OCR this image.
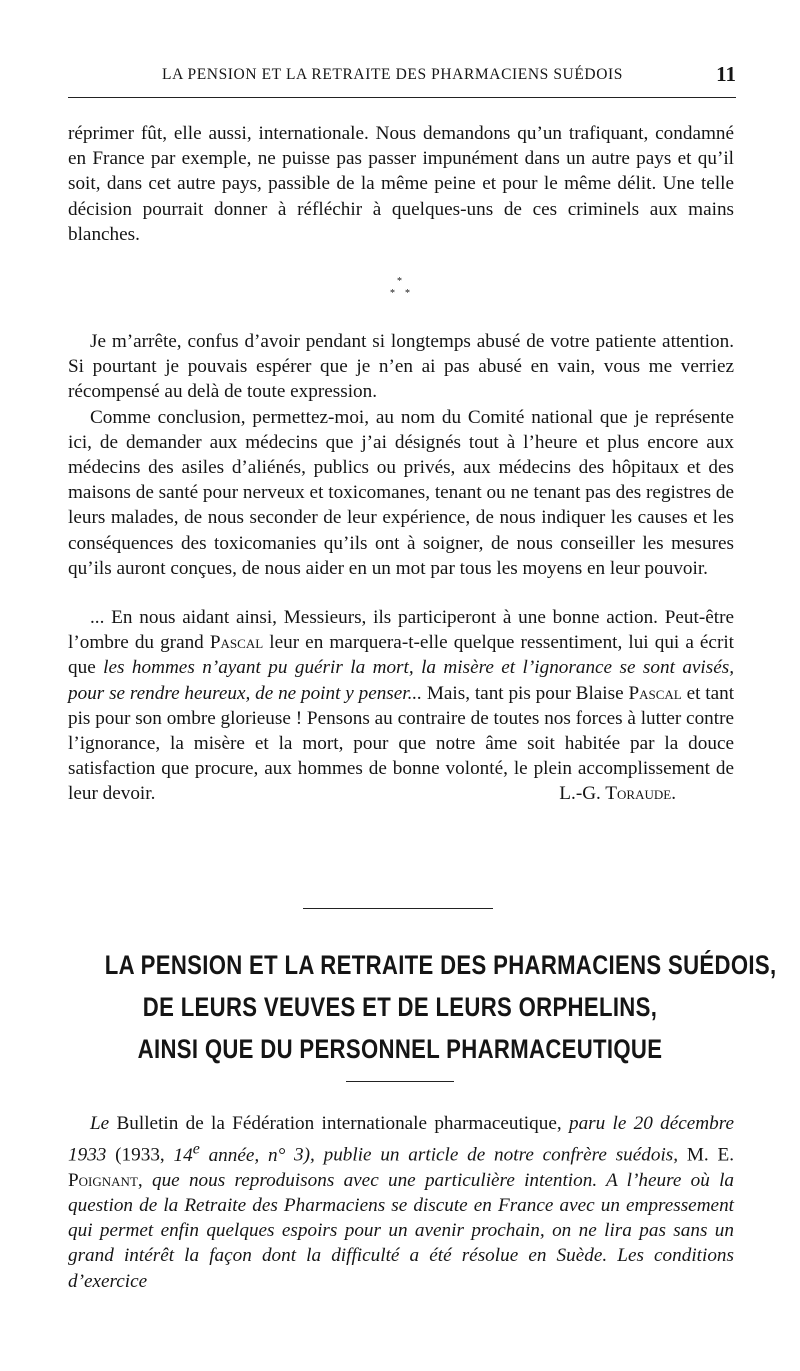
LA PENSION ET LA RETRAITE DES PHARMACIENS SUÉDOIS	11

réprimer fût, elle aussi, internationale. Nous demandons qu’un trafiquant, condamné en France par exemple, ne puisse pas passer impunément dans un autre pays et qu’il soit, dans cet autre pays, passible de la même peine et pour le même délit. Une telle décision pourrait donner à réfléchir à quelques-uns de ces criminels aux mains blanches.

*
* *

Je m’arrête, confus d’avoir pendant si longtemps abusé de votre patiente attention. Si pourtant je pouvais espérer que je n’en ai pas abusé en vain, vous me verriez récompensé au delà de toute expression.

Comme conclusion, permettez-moi, au nom du Comité national que je représente ici, de demander aux médecins que j’ai désignés tout à l’heure et plus encore aux médecins des asiles d’aliénés, publics ou privés, aux médecins des hôpitaux et des maisons de santé pour nerveux et toxicomanes, tenant ou ne tenant pas des registres de leurs malades, de nous seconder de leur expérience, de nous indiquer les causes et les conséquences des toxicomanies qu’ils ont à soigner, de nous conseiller les mesures qu’ils auront conçues, de nous aider en un mot par tous les moyens en leur pouvoir.

... En nous aidant ainsi, Messieurs, ils participeront à une bonne action. Peut-être l’ombre du grand Pascal leur en marquera-t-elle quelque ressentiment, lui qui a écrit que les hommes n’ayant pu guérir la mort, la misère et l’ignorance se sont avisés, pour se rendre heureux, de ne point y penser... Mais, tant pis pour Blaise Pascal et tant pis pour son ombre glorieuse ! Pensons au contraire de toutes nos forces à lutter contre l’ignorance, la misère et la mort, pour que notre âme soit habitée par la douce satisfaction que procure, aux hommes de bonne volonté, le plein accomplissement de leur devoir.	L.-G. Toraude.

LA PENSION ET LA RETRAITE DES PHARMACIENS SUÉDOIS,
DE LEURS VEUVES ET DE LEURS ORPHELINS,
AINSI QUE DU PERSONNEL PHARMACEUTIQUE

Le Bulletin de la Fédération internationale pharmaceutique, paru le 20 décembre 1933 (1933, 14e année, n° 3), publie un article de notre confrère suédois, M. E. Poignant, que nous reproduisons avec une particulière intention. A l’heure où la question de la Retraite des Pharmaciens se discute en France avec un empressement qui permet enfin quelques espoirs pour un avenir prochain, on ne lira pas sans un grand intérêt la façon dont la difficulté a été résolue en Suède. Les conditions d’exercice
